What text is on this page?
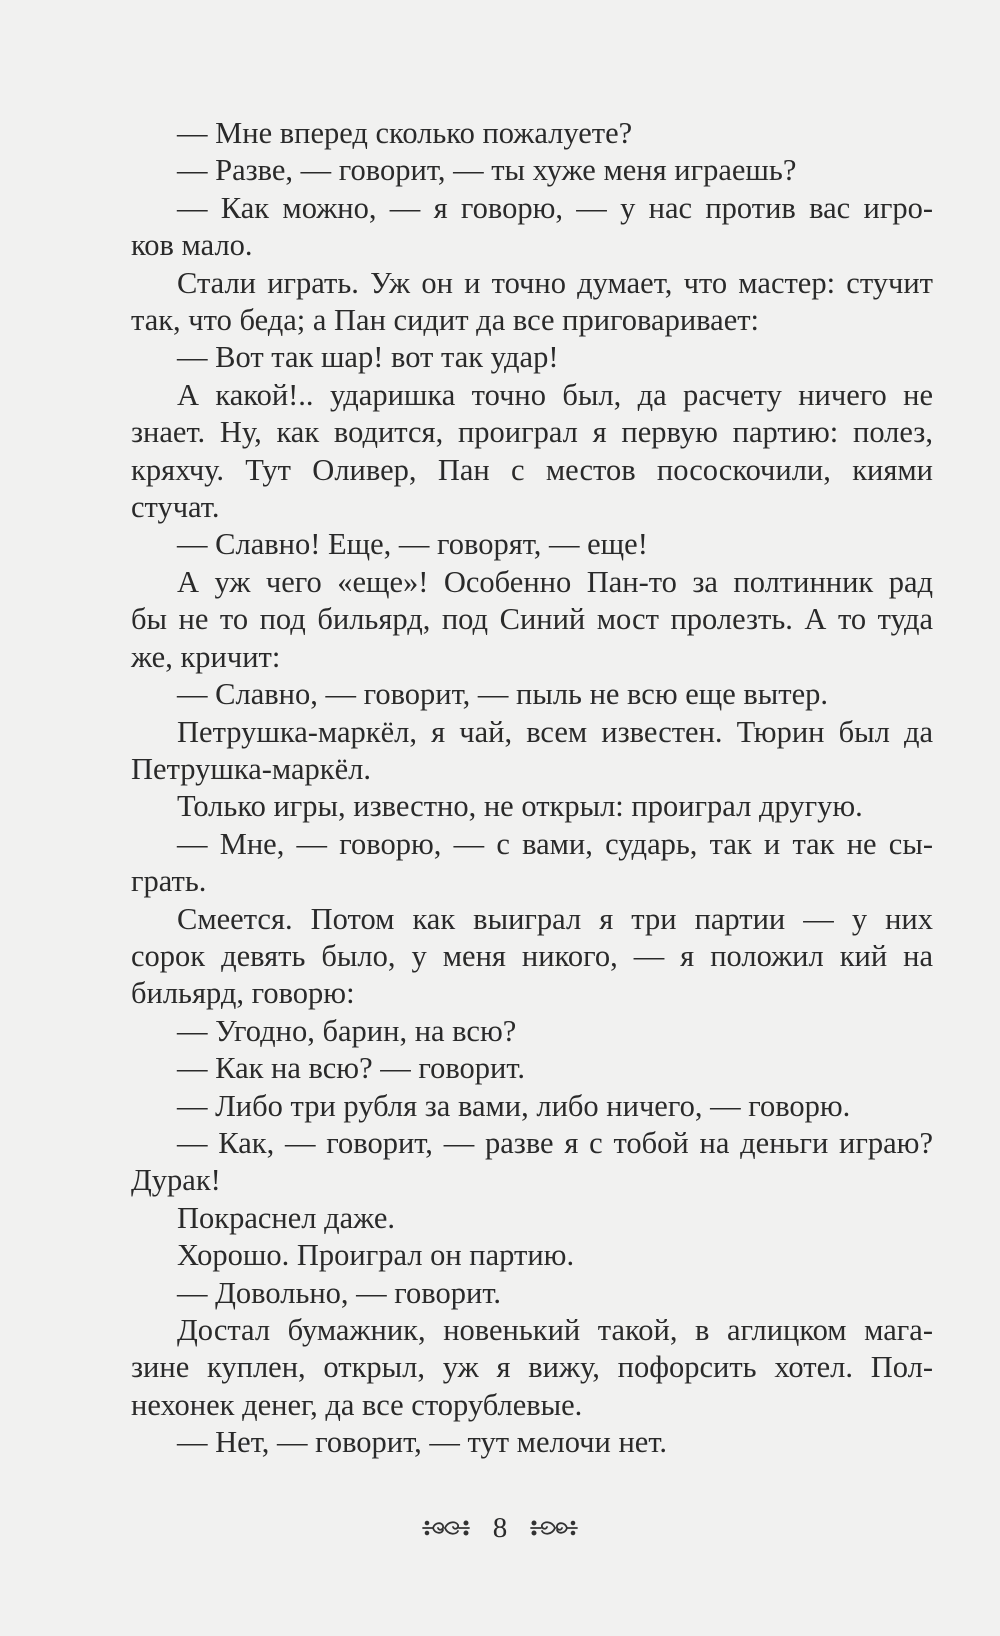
— Мне вперед сколько пожалуете?

— Разве, — говорит, — ты хуже меня играешь?

— Как можно, — я говорю, — у нас против вас игро-
ков мало.

Стали играть. Уж он и точно думает, что мастер: стучит
так, что беда; а Пан сидит да все приговаривает:

— Вот так шар! вот так удар!

А какой!.. ударишка точно был, да расчету ничего не
знает. Ну, как водится, проиграл я первую партию: полез,
кряхчу. Тут Оливер, Пан с местов пососкочили, киями
стучат.

— Славно! Еще, — говорят, — еще!

А уж чего «еще»! Особенно Пан-то за полтинник рад
бы не то под бильярд, под Синий мост пролезть. А то туда
же, кричит:

— Славно, — говорит, — пыль не всю еще вытер.

Петрушка-маркёл, я чай, всем известен. Тюрин был да
Петрушка-маркёл.

Только игры, известно, не открыл: проиграл другую.

— Мне, — говорю, — с вами, сударь, так и так не сы-
грать.

Смеется. Потом как выиграл я три партии — у них
сорок девять было, у меня никого, — я положил кий на
бильярд, говорю:

— Угодно, барин, на всю?

— Как на всю? — говорит.

— Либо три рубля за вами, либо ничего, — говорю.

— Как, — говорит, — разве я с тобой на деньги играю?
Дурак!

Покраснел даже.

Хорошо. Проиграл он партию.

— Довольно, — говорит.

Достал бумажник, новенький такой, в аглицком мага-
зине куплен, открыл, уж я вижу, пофорсить хотел. Пол-
нехонек денег, да все сторублевые.

— Нет, — говорит, — тут мелочи нет.

8
